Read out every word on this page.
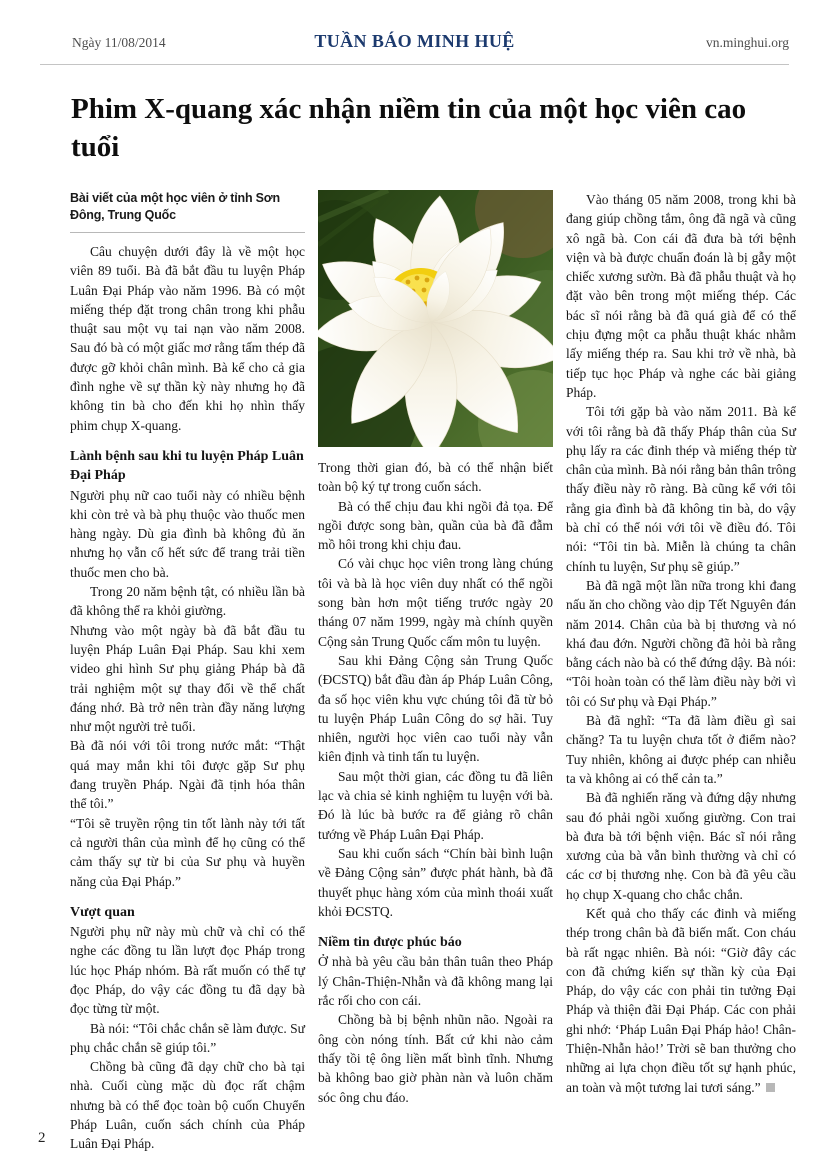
Ngày 11/08/2014	TUẦN BÁO MINH HUỆ	vn.minghui.org
Phim X-quang xác nhận niềm tin của một học viên cao tuổi
Bài viết của một học viên ở tỉnh Sơn Đông, Trung Quốc

Câu chuyện dưới đây là về một học viên 89 tuổi. Bà đã bắt đầu tu luyện Pháp Luân Đại Pháp vào năm 1996. Bà có một miếng thép đặt trong chân trong khi phẫu thuật sau một vụ tai nạn vào năm 2008. Sau đó bà có một giấc mơ rằng tấm thép đã được gỡ khỏi chân mình. Bà kể cho cả gia đình nghe về sự thần kỳ này nhưng họ đã không tin bà cho đến khi họ nhìn thấy phim chụp X-quang.

Lành bệnh sau khi tu luyện Pháp Luân Đại Pháp

Người phụ nữ cao tuổi này có nhiều bệnh khi còn trẻ và bà phụ thuộc vào thuốc men hàng ngày. Dù gia đình bà không đủ ăn nhưng họ vẫn cố hết sức để trang trải tiền thuốc men cho bà.

Trong 20 năm bệnh tật, có nhiều lần bà đã không thể ra khỏi giường.

Nhưng vào một ngày bà đã bắt đầu tu luyện Pháp Luân Đại Pháp. Sau khi xem video ghi hình Sư phụ giảng Pháp bà đã trải nghiệm một sự thay đổi về thể chất đáng nhớ. Bà trở nên tràn đầy năng lượng như một người trẻ tuổi.

Bà đã nói với tôi trong nước mắt: “Thật quá may mắn khi tôi được gặp Sư phụ đang truyền Pháp. Ngài đã tịnh hóa thân thể tôi.”

“Tôi sẽ truyền rộng tin tốt lành này tới tất cả người thân của mình để họ cũng có thể cảm thấy sự từ bi của Sư phụ và huyền năng của Đại Pháp.”

Vượt quan

Người phụ nữ này mù chữ và chỉ có thể nghe các đồng tu lần lượt đọc Pháp trong lúc học Pháp nhóm. Bà rất muốn có thể tự đọc Pháp, do vậy các đồng tu đã dạy bà đọc từng từ một.

Bà nói: “Tôi chắc chắn sẽ làm được. Sư phụ chắc chắn sẽ giúp tôi.”

Chồng bà cũng đã dạy chữ cho bà tại nhà. Cuối cùng mặc dù đọc rất chậm nhưng bà có thể đọc toàn bộ cuốn Chuyển Pháp Luân, cuốn sách chính của Pháp Luân Đại Pháp.

Trong thời gian đó, bà có thể nhận biết toàn bộ ký tự trong cuốn sách.

Bà có thể chịu đau khi ngồi đả tọa. Để ngồi được song bàn, quần của bà đã đẫm mồ hôi trong khi chịu đau.

Có vài chục học viên trong làng chúng tôi và bà là học viên duy nhất có thể ngồi song bàn hơn một tiếng trước ngày 20 tháng 07 năm 1999, ngày mà chính quyền Cộng sản Trung Quốc cấm môn tu luyện.

Sau khi Đảng Cộng sản Trung Quốc (ĐCSTQ) bắt đầu đàn áp Pháp Luân Công, đa số học viên khu vực chúng tôi đã từ bỏ tu luyện Pháp Luân Công do sợ hãi. Tuy nhiên, người học viên cao tuổi này vẫn kiên định và tinh tấn tu luyện.

Sau một thời gian, các đồng tu đã liên lạc và chia sẻ kinh nghiệm tu luyện với bà. Đó là lúc bà bước ra để giảng rõ chân tướng về Pháp Luân Đại Pháp.

Sau khi cuốn sách “Chín bài bình luận về Đảng Cộng sản” được phát hành, bà đã thuyết phục hàng xóm của mình thoái xuất khỏi ĐCSTQ.

Niềm tin được phúc báo

Ở nhà bà yêu cầu bản thân tuân theo Pháp lý Chân-Thiện-Nhẫn và đã không mang lại rắc rối cho con cái.

Chồng bà bị bệnh nhũn não. Ngoài ra ông còn nóng tính. Bất cứ khi nào cảm thấy tồi tệ ông liền mất bình tĩnh. Nhưng bà không bao giờ phàn nàn và luôn chăm sóc ông chu đáo.

Vào tháng 05 năm 2008, trong khi bà đang giúp chồng tắm, ông đã ngã và cũng xô ngã bà. Con cái đã đưa bà tới bệnh viện và bà được chuẩn đoán là bị gẫy một chiếc xương sườn. Bà đã phẫu thuật và họ đặt vào bên trong một miếng thép. Các bác sĩ nói rằng bà đã quá già để có thể chịu đựng một ca phẫu thuật khác nhằm lấy miếng thép ra. Sau khi trở về nhà, bà tiếp tục học Pháp và nghe các bài giảng Pháp.

Tôi tới gặp bà vào năm 2011. Bà kể với tôi rằng bà đã thấy Pháp thân của Sư phụ lấy ra các đinh thép và miếng thép từ chân của mình. Bà nói rằng bản thân trông thấy điều này rõ ràng. Bà cũng kể với tôi rằng gia đình bà đã không tin bà, do vậy bà chỉ có thể nói với tôi về điều đó. Tôi nói: “Tôi tin bà. Miễn là chúng ta chân chính tu luyện, Sư phụ sẽ giúp.”

Bà đã ngã một lần nữa trong khi đang nấu ăn cho chồng vào dịp Tết Nguyên đán năm 2014. Chân của bà bị thương và nó khá đau đớn. Người chồng đã hỏi bà rằng bằng cách nào bà có thể đứng dậy. Bà nói: “Tôi hoàn toàn có thể làm điều này bởi vì tôi có Sư phụ và Đại Pháp.”

Bà đã nghĩ: “Ta đã làm điều gì sai chăng? Ta tu luyện chưa tốt ở điểm nào? Tuy nhiên, không ai được phép can nhiễu ta và không ai có thể cản ta.”

Bà đã nghiến răng và đứng dậy nhưng sau đó phải ngồi xuống giường. Con trai bà đưa bà tới bệnh viện. Bác sĩ nói rằng xương của bà vẫn bình thường và chỉ có các cơ bị thương nhẹ. Con bà đã yêu cầu họ chụp X-quang cho chắc chắn.

Kết quả cho thấy các đinh và miếng thép trong chân bà đã biến mất. Con cháu bà rất ngạc nhiên. Bà nói: “Giờ đây các con đã chứng kiến sự thần kỳ của Đại Pháp, do vậy các con phải tin tưởng Đại Pháp và thiện đãi Đại Pháp. Các con phải ghi nhớ: ‘Pháp Luân Đại Pháp hảo! Chân-Thiện-Nhẫn hảo!’ Trời sẽ ban thưởng cho những ai lựa chọn điều tốt sự hạnh phúc, an toàn và một tương lai tươi sáng.”

2
